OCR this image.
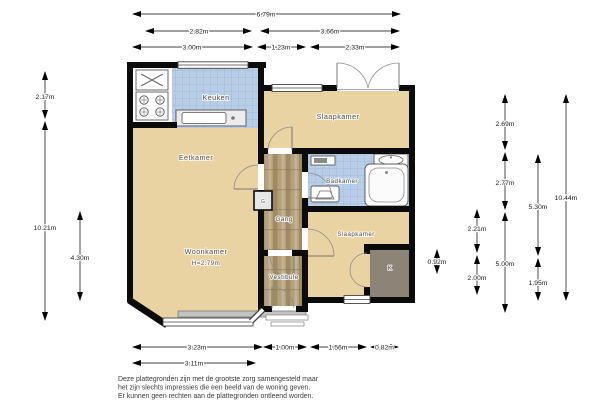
G
Keuken
Eetkamer
Slaapkamer
Badkamer
Gang
Woonkamer
H=2.79m
Slaapkamer
Vestibule
K
6.79m
2.82m	3.66m
3.00m	1.23m	2.33m
2.17m
10.21m
4.30m
2.69m
2.77m
5.00m
2.21m
2.00m
0.92m
5.30m
1.95m
10.44m
3.23m	1.00m	1.56m	0,82m
3.11m
Deze plattegronden zijn met de grootste zorg samengesteld maar
het zijn slechts impressies die een beeld van de woning geven.
Er kunnen geen rechten aan de plattegronden ontleend worden.
